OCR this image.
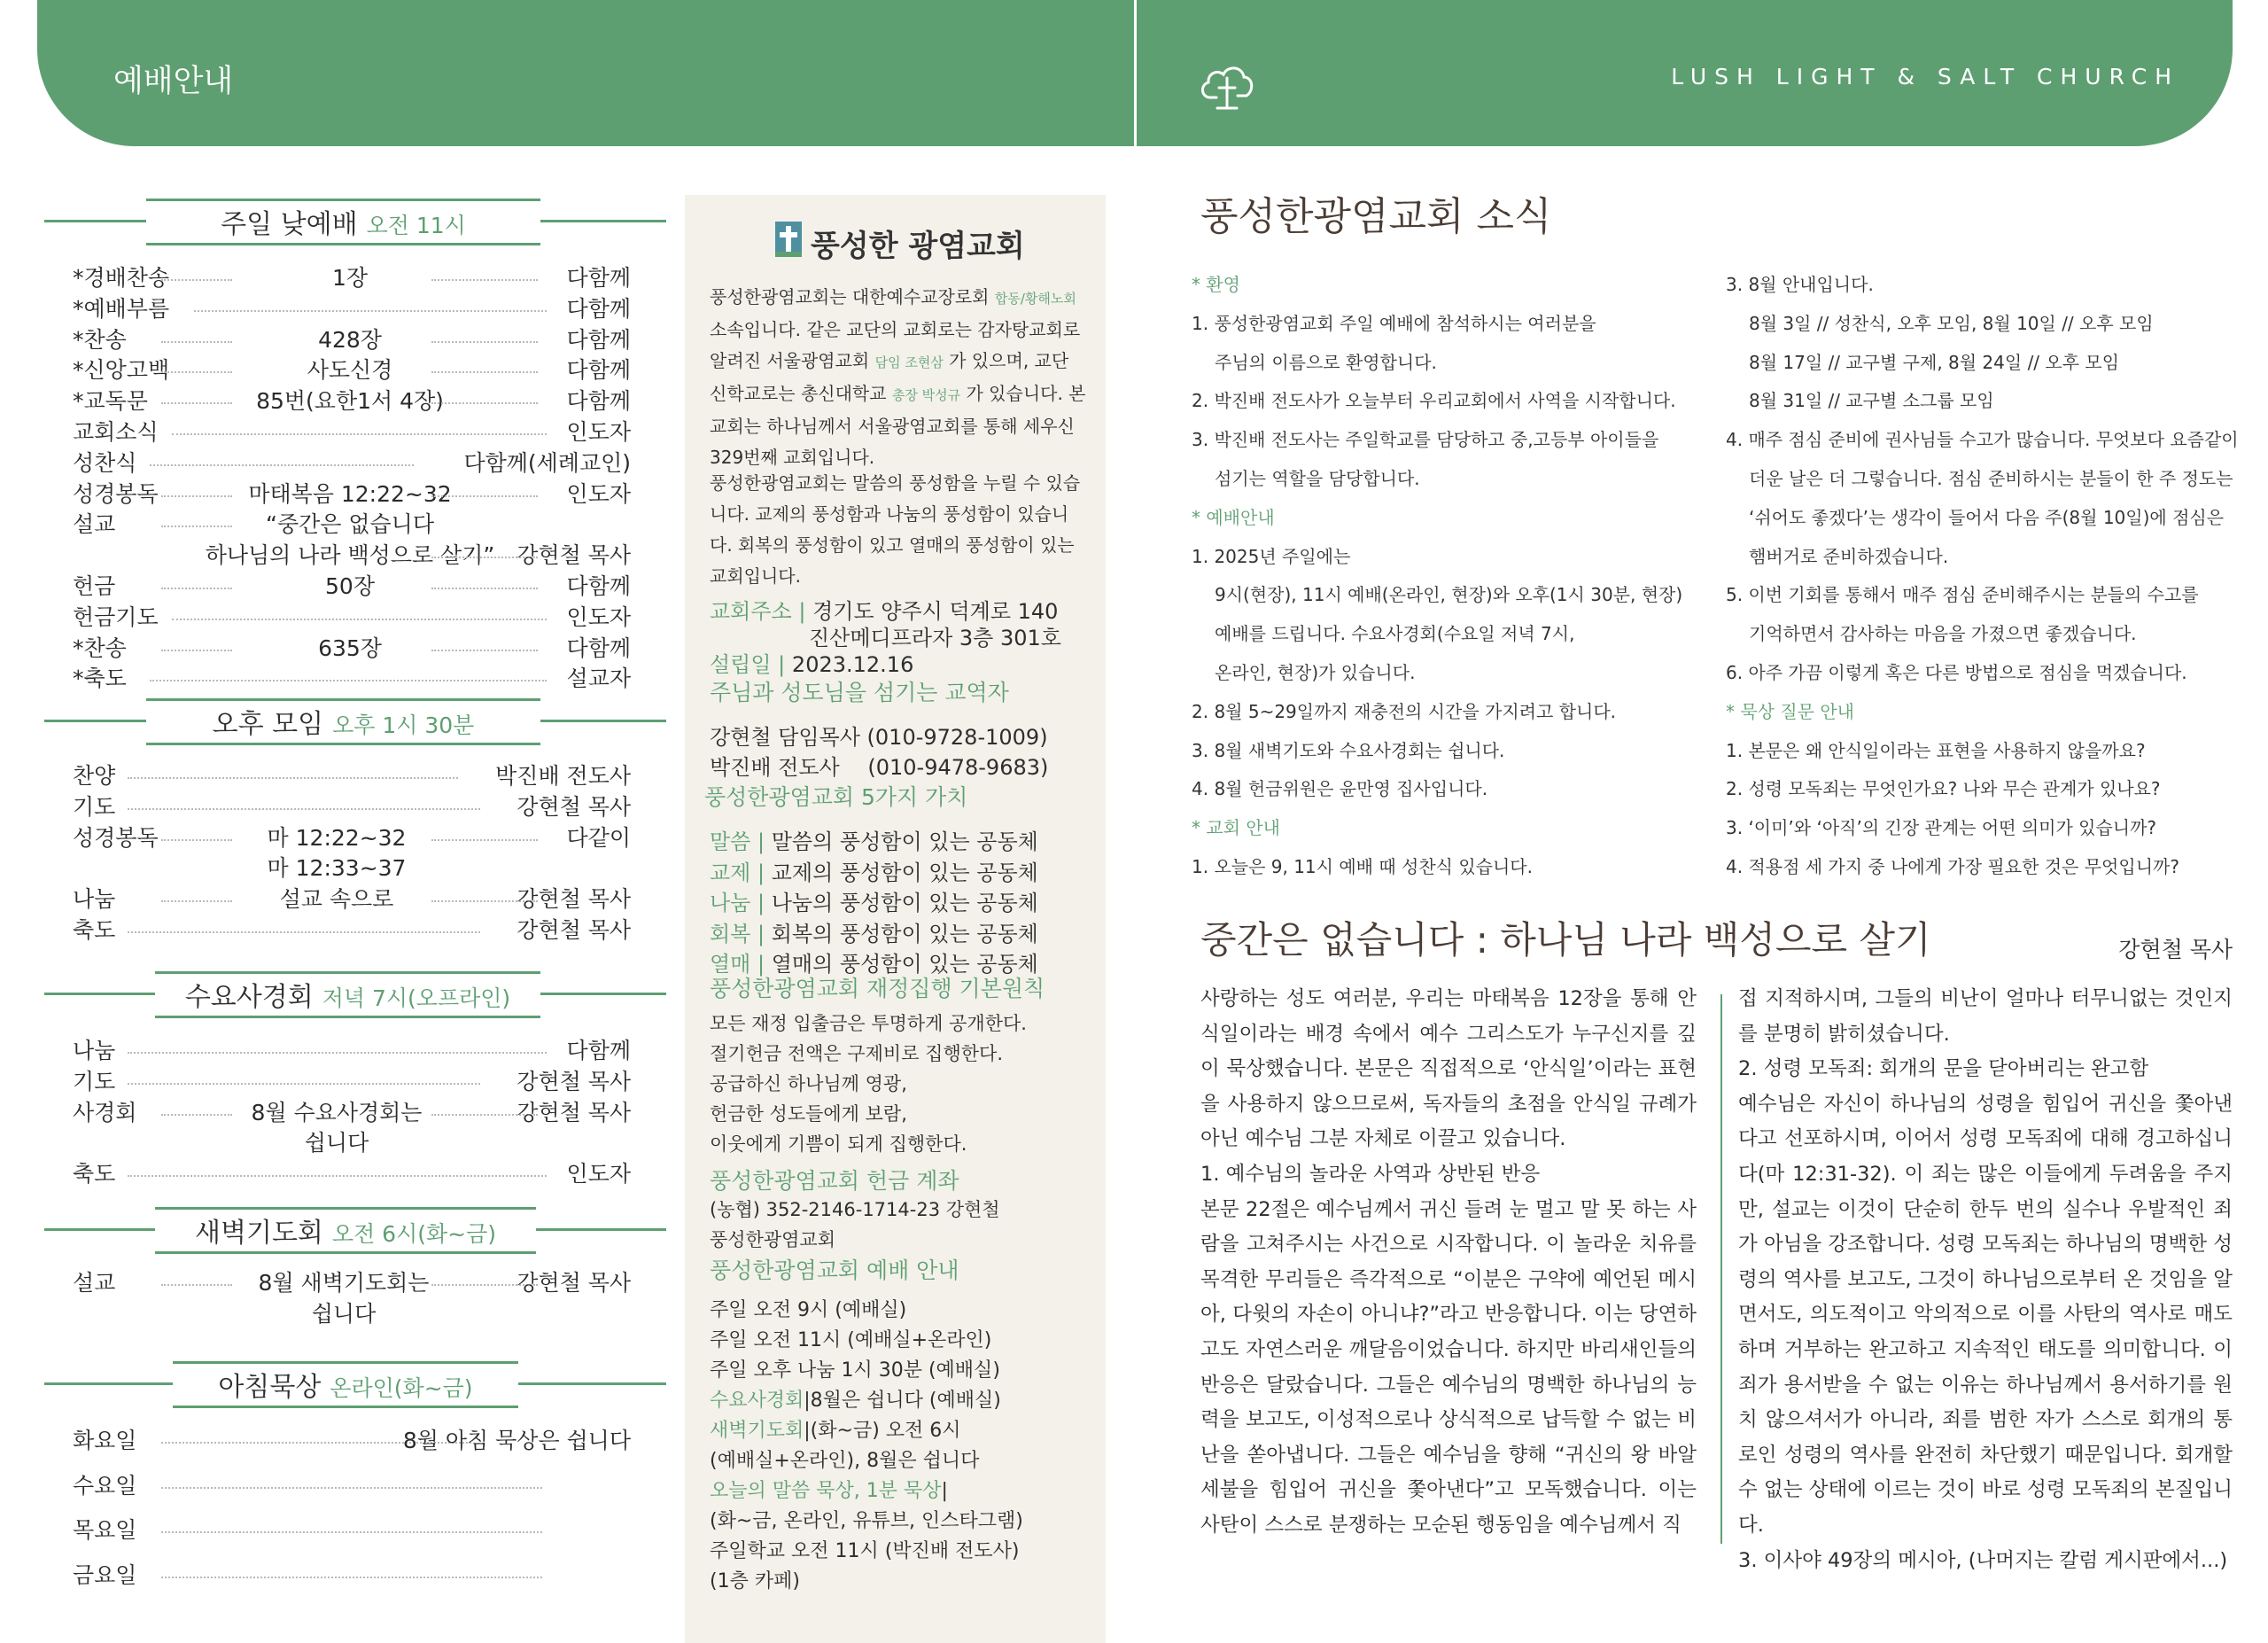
예배안내	LUSH LIGHT & SALT CHURCH
주일 낮예배 오전 11시
*경배찬송	1장	다함께
*예배부름	다함께
*찬송	428장	다함께
*신앙고백	사도신경	다함께
*교독문	85번(요한1서 4장)	다함께
교회소식	인도자
성찬식	다함께(세례교인)
성경봉독	마태복음 12:22~32	인도자
설교	“중간은 없습니다
하나님의 나라 백성으로 살기”	강현철 목사
헌금	50장	다함께
헌금기도	인도자
*찬송	635장	다함께
*축도	설교자
오후 모임 오후 1시 30분
찬양	박진배 전도사
기도	강현철 목사
성경봉독	마 12:22~32	다같이
마 12:33~37
나눔	설교 속으로	강현철 목사
축도	강현철 목사
수요사경회 저녁 7시(오프라인)
나눔	다함께
기도	강현철 목사
사경회	8월 수요사경회는	강현철 목사
쉽니다
축도	인도자
새벽기도회 오전 6시(화~금)
설교	8월 새벽기도회는	강현철 목사
쉽니다
아침묵상 온라인(화~금)
화요일	8월 아침 묵상은 쉽니다
수요일
목요일
금요일
풍성한 광염교회
풍성한광염교회는 대한예수교장로회 합동/황해노회 소속입니다. 같은 교단의 교회로는 감자탕교회로 알려진 서울광염교회 담임 조현삼 가 있으며, 교단 신학교로는 총신대학교 총장 박성규 가 있습니다. 본 교회는 하나님께서 서울광염교회를 통해 세우신 329번째 교회입니다.
풍성한광염교회는 말씀의 풍성함을 누릴 수 있습니다. 교제의 풍성함과 나눔의 풍성함이 있습니다. 회복의 풍성함이 있고 열매의 풍성함이 있는 교회입니다.
교회주소 | 경기도 양주시 덕계로 140
진산메디프라자 3층 301호
설립일 | 2023.12.16
주님과 성도님을 섬기는 교역자
강현철 담임목사 (010-9728-1009)
박진배 전도사 　(010-9478-9683)
풍성한광염교회 5가지 가치
말씀 | 말씀의 풍성함이 있는 공동체
교제 | 교제의 풍성함이 있는 공동체
나눔 | 나눔의 풍성함이 있는 공동체
회복 | 회복의 풍성함이 있는 공동체
열매 | 열매의 풍성함이 있는 공동체
풍성한광염교회 재정집행 기본원칙
모든 재정 입출금은 투명하게 공개한다.
절기헌금 전액은 구제비로 집행한다.
공급하신 하나님께 영광,
헌금한 성도들에게 보람,
이웃에게 기쁨이 되게 집행한다.
풍성한광염교회 헌금 계좌
(농협) 352-2146-1714-23 강현철
풍성한광염교회
풍성한광염교회 예배 안내
주일 오전 9시 (예배실)
주일 오전 11시 (예배실+온라인)
주일 오후 나눔 1시 30분 (예배실)
수요사경회|8월은 쉽니다 (예배실)
새벽기도회|(화~금) 오전 6시
(예배실+온라인), 8월은 쉽니다
오늘의 말씀 묵상, 1분 묵상|
(화~금, 온라인, 유튜브, 인스타그램)
주일학교 오전 11시 (박진배 전도사)
(1층 카페)
풍성한광염교회 소식
* 환영
1. 풍성한광염교회 주일 예배에 참석하시는 여러분을
주님의 이름으로 환영합니다.
2. 박진배 전도사가 오늘부터 우리교회에서 사역을 시작합니다.
3. 박진배 전도사는 주일학교를 담당하고 중,고등부 아이들을
섬기는 역할을 담당합니다.
* 예배안내
1. 2025년 주일에는
9시(현장), 11시 예배(온라인, 현장)와 오후(1시 30분, 현장)
예배를 드립니다. 수요사경회(수요일 저녁 7시,
온라인, 현장)가 있습니다.
2. 8월 5~29일까지 재충전의 시간을 가지려고 합니다.
3. 8월 새벽기도와 수요사경회는 쉽니다.
4. 8월 헌금위원은 윤만영 집사입니다.
* 교회 안내
1. 오늘은 9, 11시 예배 때 성찬식 있습니다.
3. 8월 안내입니다.
8월 3일 // 성찬식, 오후 모임, 8월 10일 // 오후 모임
8월 17일 // 교구별 구제, 8월 24일 // 오후 모임
8월 31일 // 교구별 소그룹 모임
4. 매주 점심 준비에 권사님들 수고가 많습니다. 무엇보다 요즘같이
더운 날은 더 그렇습니다. 점심 준비하시는 분들이 한 주 정도는
‘쉬어도 좋겠다’는 생각이 들어서 다음 주(8월 10일)에 점심은
햄버거로 준비하겠습니다.
5. 이번 기회를 통해서 매주 점심 준비해주시는 분들의 수고를
기억하면서 감사하는 마음을 가졌으면 좋겠습니다.
6. 아주 가끔 이렇게 혹은 다른 방법으로 점심을 먹겠습니다.
* 묵상 질문 안내
1. 본문은 왜 안식일이라는 표현을 사용하지 않을까요?
2. 성령 모독죄는 무엇인가요? 나와 무슨 관계가 있나요?
3. ‘이미’와 ‘아직’의 긴장 관계는 어떤 의미가 있습니까?
4. 적용점 세 가지 중 나에게 가장 필요한 것은 무엇입니까?
중간은 없습니다 : 하나님 나라 백성으로 살기	강현철 목사
사랑하는 성도 여러분, 우리는 마태복음 12장을 통해 안식일이라는 배경 속에서 예수 그리스도가 누구신지를 깊이 묵상했습니다. 본문은 직접적으로 ‘안식일’이라는 표현을 사용하지 않으므로써, 독자들의 초점을 안식일 규례가 아닌 예수님 그분 자체로 이끌고 있습니다.
1. 예수님의 놀라운 사역과 상반된 반응
본문 22절은 예수님께서 귀신 들려 눈 멀고 말 못 하는 사람을 고쳐주시는 사건으로 시작합니다. 이 놀라운 치유를 목격한 무리들은 즉각적으로 “이분은 구약에 예언된 메시아, 다윗의 자손이 아니냐?”라고 반응합니다. 이는 당연하고도 자연스러운 깨달음이었습니다. 하지만 바리새인들의 반응은 달랐습니다. 그들은 예수님의 명백한 하나님의 능력을 보고도, 이성적으로나 상식적으로 납득할 수 없는 비난을 쏟아냅니다. 그들은 예수님을 향해 “귀신의 왕 바알세불을 힘입어 귀신을 쫓아낸다”고 모독했습니다. 이는 사탄이 스스로 분쟁하는 모순된 행동임을 예수님께서 직
접 지적하시며, 그들의 비난이 얼마나 터무니없는 것인지를 분명히 밝히셨습니다.
2. 성령 모독죄: 회개의 문을 닫아버리는 완고함
예수님은 자신이 하나님의 성령을 힘입어 귀신을 쫓아낸다고 선포하시며, 이어서 성령 모독죄에 대해 경고하십니다(마 12:31-32). 이 죄는 많은 이들에게 두려움을 주지만, 설교는 이것이 단순히 한두 번의 실수나 우발적인 죄가 아님을 강조합니다. 성령 모독죄는 하나님의 명백한 성령의 역사를 보고도, 그것이 하나님으로부터 온 것임을 알면서도, 의도적이고 악의적으로 이를 사탄의 역사로 매도하며 거부하는 완고하고 지속적인 태도를 의미합니다. 이 죄가 용서받을 수 없는 이유는 하나님께서 용서하기를 원치 않으셔서가 아니라, 죄를 범한 자가 스스로 회개의 통로인 성령의 역사를 완전히 차단했기 때문입니다. 회개할 수 없는 상태에 이르는 것이 바로 성령 모독죄의 본질입니다.
3. 이사야 49장의 메시아, (나머지는 칼럼 게시판에서...)
